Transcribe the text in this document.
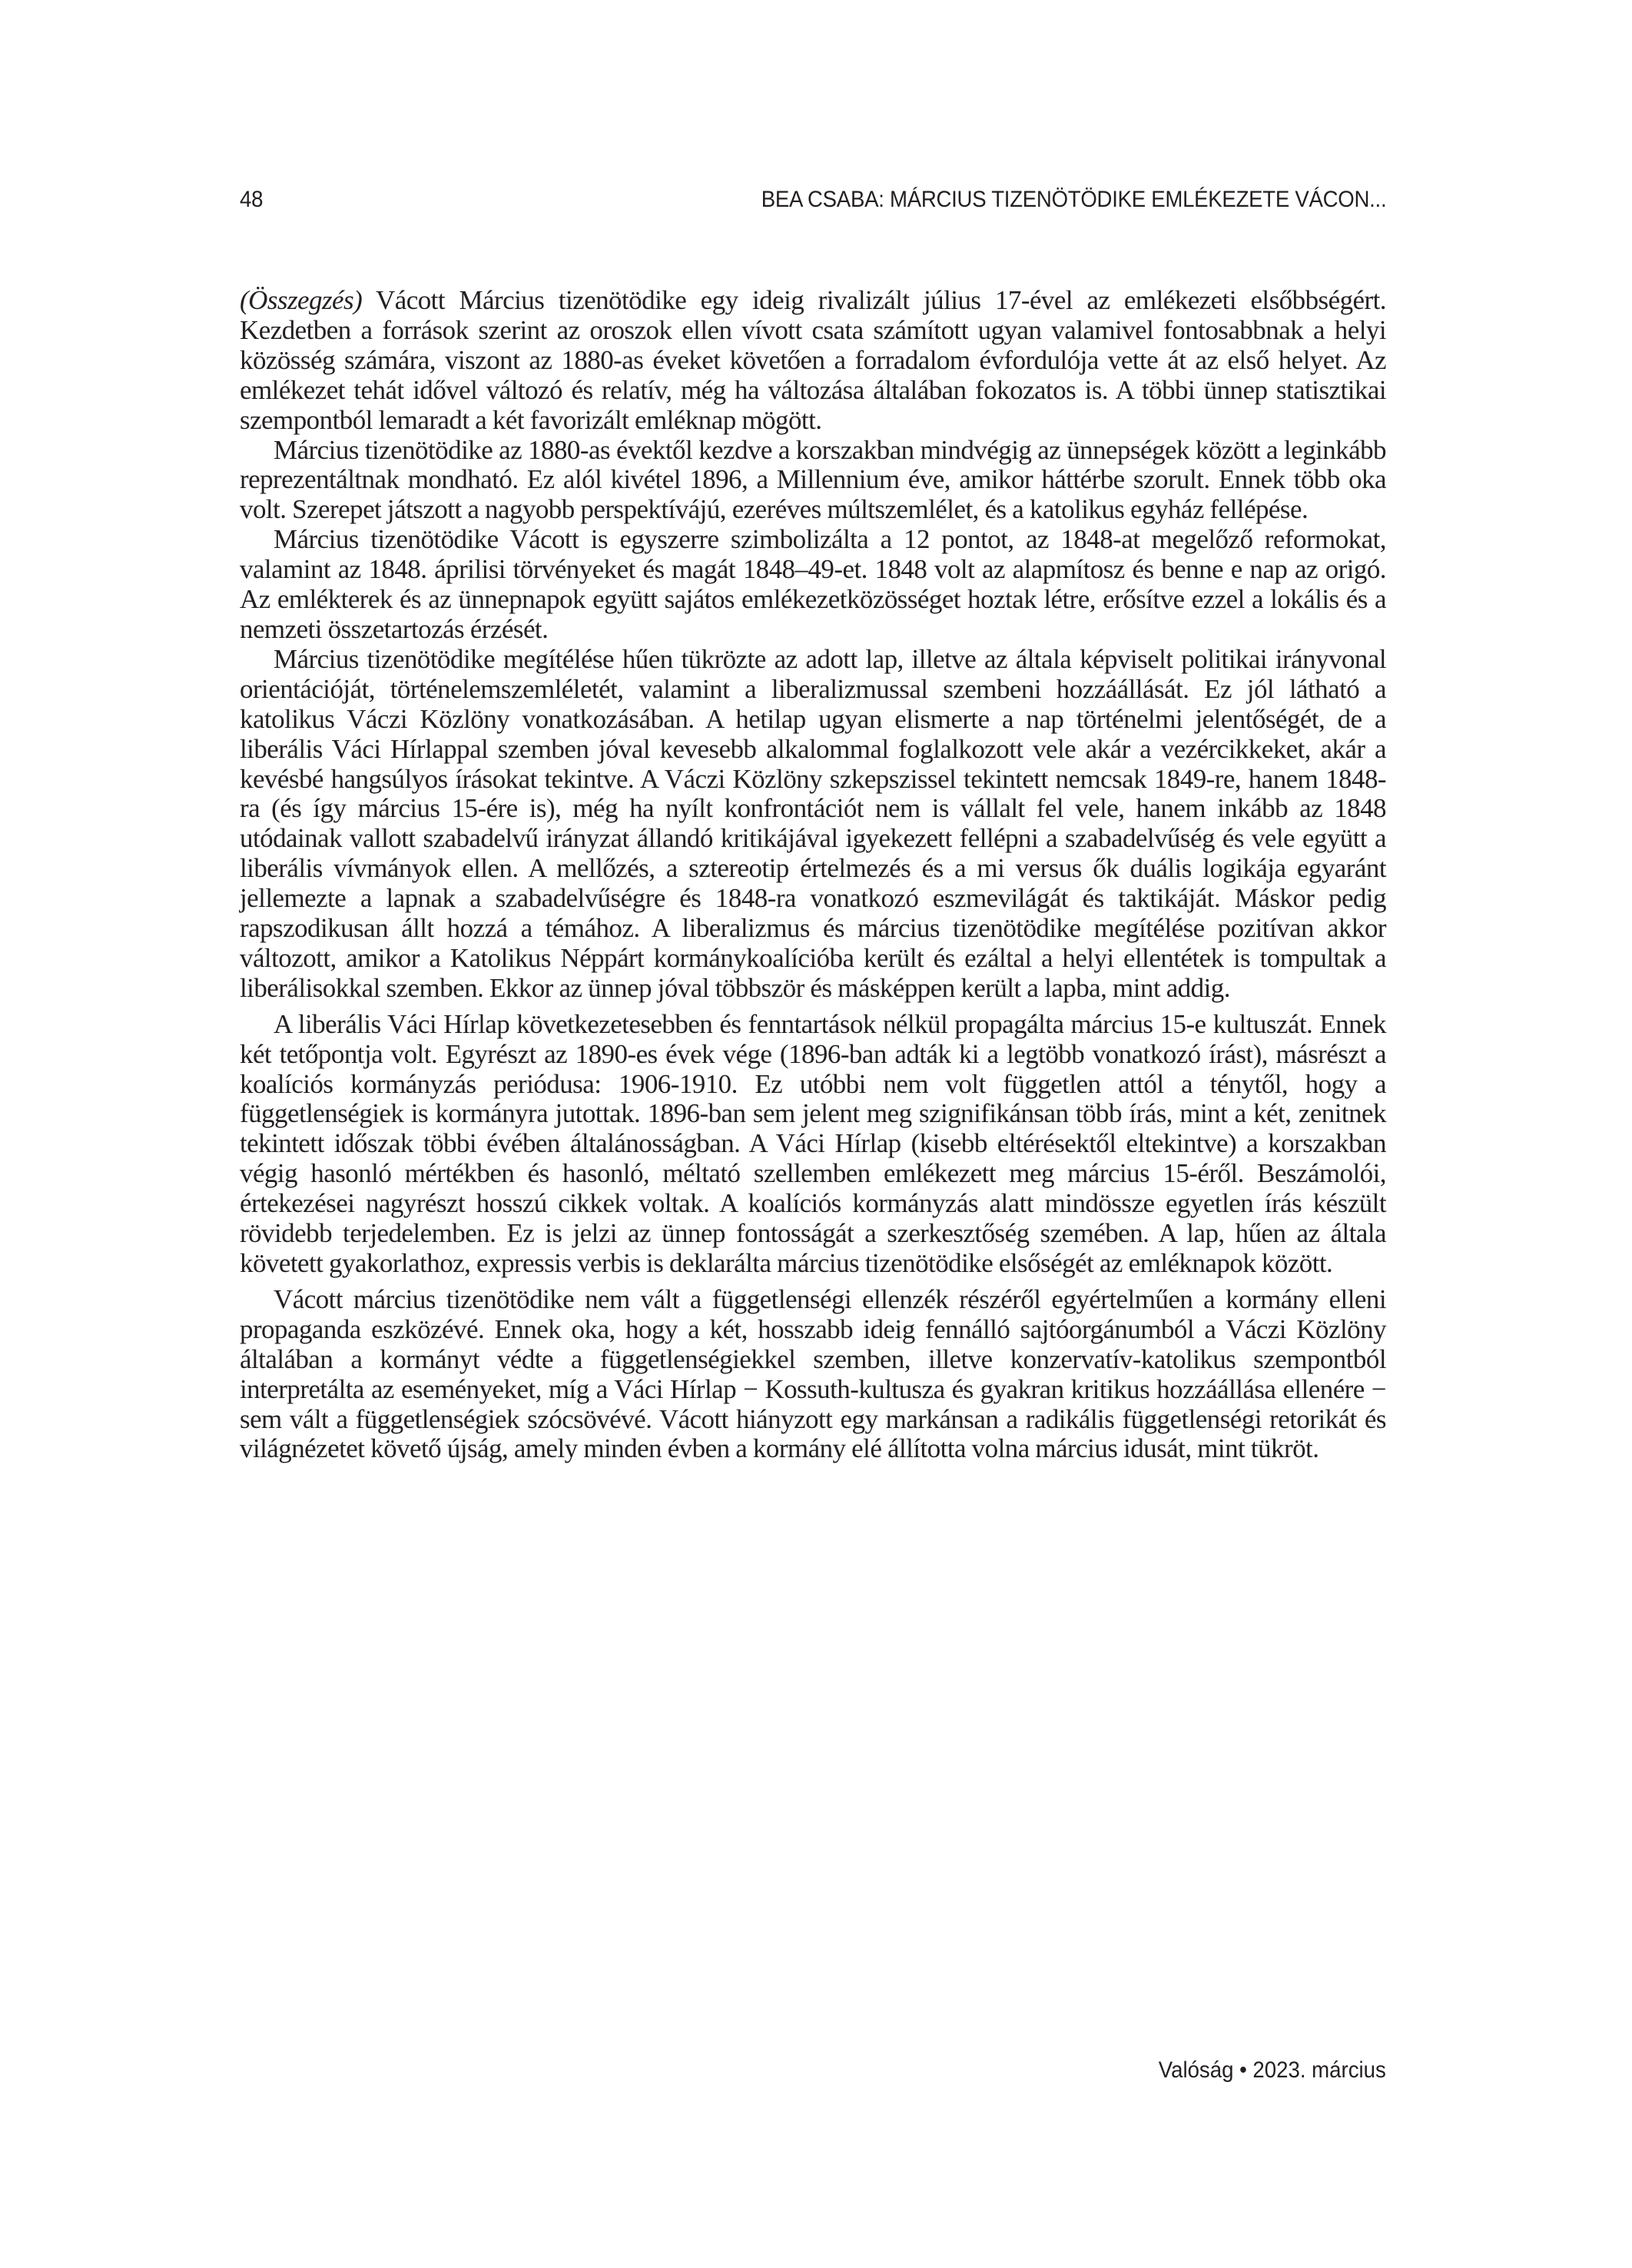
48	BEA CSABA: MÁRCIUS TIZENÖTÖDIKE EMLÉKEZETE VÁCON...

(Összegzés) Vácott Március tizenötödike egy ideig rivalizált július 17-ével az emlékezeti elsőbbségért. Kezdetben a források szerint az oroszok ellen vívott csata számított ugyan valamivel fontosabbnak a helyi közösség számára, viszont az 1880-as éveket követően a forradalom évfordulója vette át az első helyet. Az emlékezet tehát idővel változó és relatív, még ha változása általában fokozatos is. A többi ünnep statisztikai szempontból lemaradt a két favorizált emléknap mögött.

Március tizenötödike az 1880-as évektől kezdve a korszakban mindvégig az ünnepségek között a leginkább reprezentáltnak mondható. Ez alól kivétel 1896, a Millennium éve, amikor háttérbe szorult. Ennek több oka volt. Szerepet játszott a nagyobb perspektívájú, ezeréves múltszemlélet, és a katolikus egyház fellépése.

Március tizenötödike Vácott is egyszerre szimbolizálta a 12 pontot, az 1848-at megelőző reformokat, valamint az 1848. áprilisi törvényeket és magát 1848–49-et. 1848 volt az alapmítosz és benne e nap az origó. Az emlékterek és az ünnepnapok együtt sajátos emlékezetközösséget hoztak létre, erősítve ezzel a lokális és a nemzeti összetartozás érzését.

Március tizenötödike megítélése hűen tükrözte az adott lap, illetve az általa képviselt politikai irányvonal orientációját, történelemszemléletét, valamint a liberalizmussal szembeni hozzáállását. Ez jól látható a katolikus Váczi Közlöny vonatkozásában. A hetilap ugyan elismerte a nap történelmi jelentőségét, de a liberális Váci Hírlappal szemben jóval kevesebb alkalommal foglalkozott vele akár a vezércikkeket, akár a kevésbé hangsúlyos írásokat tekintve. A Váczi Közlöny szkepszissel tekintett nemcsak 1849-re, hanem 1848-ra (és így március 15-ére is), még ha nyílt konfrontációt nem is vállalt fel vele, hanem inkább az 1848 utódainak vallott szabadelvű irányzat állandó kritikájával igyekezett fellépni a szabadelvűség és vele együtt a liberális vívmányok ellen. A mellőzés, a sztereotip értelmezés és a mi versus ők duális logikája egyaránt jellemezte a lapnak a szabadelvűségre és 1848-ra vonatkozó eszmevilágát és taktikáját. Máskor pedig rapszodikusan állt hozzá a témához. A liberalizmus és március tizenötödike megítélése pozitívan akkor változott, amikor a Katolikus Néppárt kormánykoalícióba került és ezáltal a helyi ellentétek is tompultak a liberálisokkal szemben. Ekkor az ünnep jóval többször és másképpen került a lapba, mint addig.

A liberális Váci Hírlap következetesebben és fenntartások nélkül propagálta március 15-e kultuszát. Ennek két tetőpontja volt. Egyrészt az 1890-es évek vége (1896-ban adták ki a legtöbb vonatkozó írást), másrészt a koalíciós kormányzás periódusa: 1906-1910. Ez utóbbi nem volt független attól a ténytől, hogy a függetlenségiek is kormányra jutottak. 1896-ban sem jelent meg szignifikánsan több írás, mint a két, zenitnek tekintett időszak többi évében általánosságban. A Váci Hírlap (kisebb eltérésektől eltekintve) a korszakban végig hasonló mértékben és hasonló, méltató szellemben emlékezett meg március 15-éről. Beszámolói, értekezései nagyrészt hosszú cikkek voltak. A koalíciós kormányzás alatt mindössze egyetlen írás készült rövidebb terjedelemben. Ez is jelzi az ünnep fontosságát a szerkesztőség szemében. A lap, hűen az általa követett gyakorlathoz, expressis verbis is deklarálta március tizenötödike elsőségét az emléknapok között.

Vácott március tizenötödike nem vált a függetlenségi ellenzék részéről egyértelműen a kormány elleni propaganda eszközévé. Ennek oka, hogy a két, hosszabb ideig fennálló sajtóorgánumból a Váczi Közlöny általában a kormányt védte a függetlenségiekkel szemben, illetve konzervatív-katolikus szempontból interpretálta az eseményeket, míg a Váci Hírlap − Kossuth-kultusza és gyakran kritikus hozzáállása ellenére − sem vált a függetlenségiek szócsövévé. Vácott hiányzott egy markánsan a radikális függetlenségi retorikát és világnézetet követő újság, amely minden évben a kormány elé állította volna március idusát, mint tükröt.

Valóság • 2023. március
